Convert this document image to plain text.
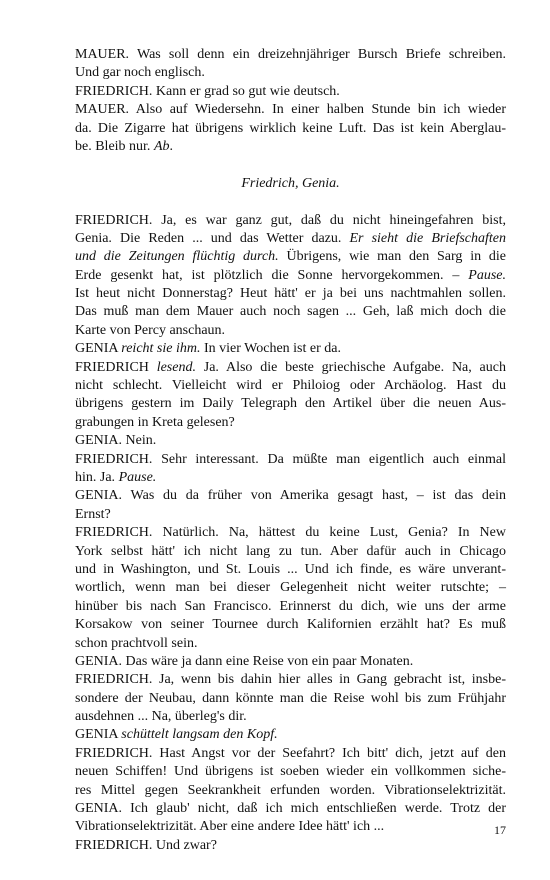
MAUER. Was soll denn ein dreizehnjähriger Bursch Briefe schreiben.
Und gar noch englisch.
FRIEDRICH. Kann er grad so gut wie deutsch.
MAUER. Also auf Wiedersehn. In einer halben Stunde bin ich wieder
da. Die Zigarre hat übrigens wirklich keine Luft. Das ist kein Aberglau-
be. Bleib nur. Ab.
Friedrich, Genia.
FRIEDRICH. Ja, es war ganz gut, daß du nicht hineingefahren bist,
Genia. Die Reden ... und das Wetter dazu. Er sieht die Briefschaften
und die Zeitungen flüchtig durch. Übrigens, wie man den Sarg in die
Erde gesenkt hat, ist plötzlich die Sonne hervorgekommen. – Pause.
Ist heut nicht Donnerstag? Heut hätt' er ja bei uns nachtmahlen sollen.
Das muß man dem Mauer auch noch sagen ... Geh, laß mich doch die
Karte von Percy anschaun.
GENIA reicht sie ihm. In vier Wochen ist er da.
FRIEDRICH lesend. Ja. Also die beste griechische Aufgabe. Na, auch
nicht schlecht. Vielleicht wird er Philoiog oder Archäolog. Hast du
übrigens gestern im Daily Telegraph den Artikel über die neuen Aus-
grabungen in Kreta gelesen?
GENIA. Nein.
FRIEDRICH. Sehr interessant. Da müßte man eigentlich auch einmal
hin. Ja. Pause.
GENIA. Was du da früher von Amerika gesagt hast, – ist das dein
Ernst?
FRIEDRICH. Natürlich. Na, hättest du keine Lust, Genia? In New
York selbst hätt' ich nicht lang zu tun. Aber dafür auch in Chicago
und in Washington, und St. Louis ... Und ich finde, es wäre unverant-
wortlich, wenn man bei dieser Gelegenheit nicht weiter rutschte; –
hinüber bis nach San Francisco. Erinnerst du dich, wie uns der arme
Korsakow von seiner Tournee durch Kalifornien erzählt hat? Es muß
schon prachtvoll sein.
GENIA. Das wäre ja dann eine Reise von ein paar Monaten.
FRIEDRICH. Ja, wenn bis dahin hier alles in Gang gebracht ist, insbe-
sondere der Neubau, dann könnte man die Reise wohl bis zum Frühjahr
ausdehnen ... Na, überleg's dir.
GENIA schüttelt langsam den Kopf.
FRIEDRICH. Hast Angst vor der Seefahrt? Ich bitt' dich, jetzt auf den
neuen Schiffen! Und übrigens ist soeben wieder ein vollkommen siche-
res Mittel gegen Seekrankheit erfunden worden. Vibrationselektrizität.
GENIA. Ich glaub' nicht, daß ich mich entschließen werde. Trotz der
Vibrationselektrizität. Aber eine andere Idee hätt' ich ...
FRIEDRICH. Und zwar?
17
